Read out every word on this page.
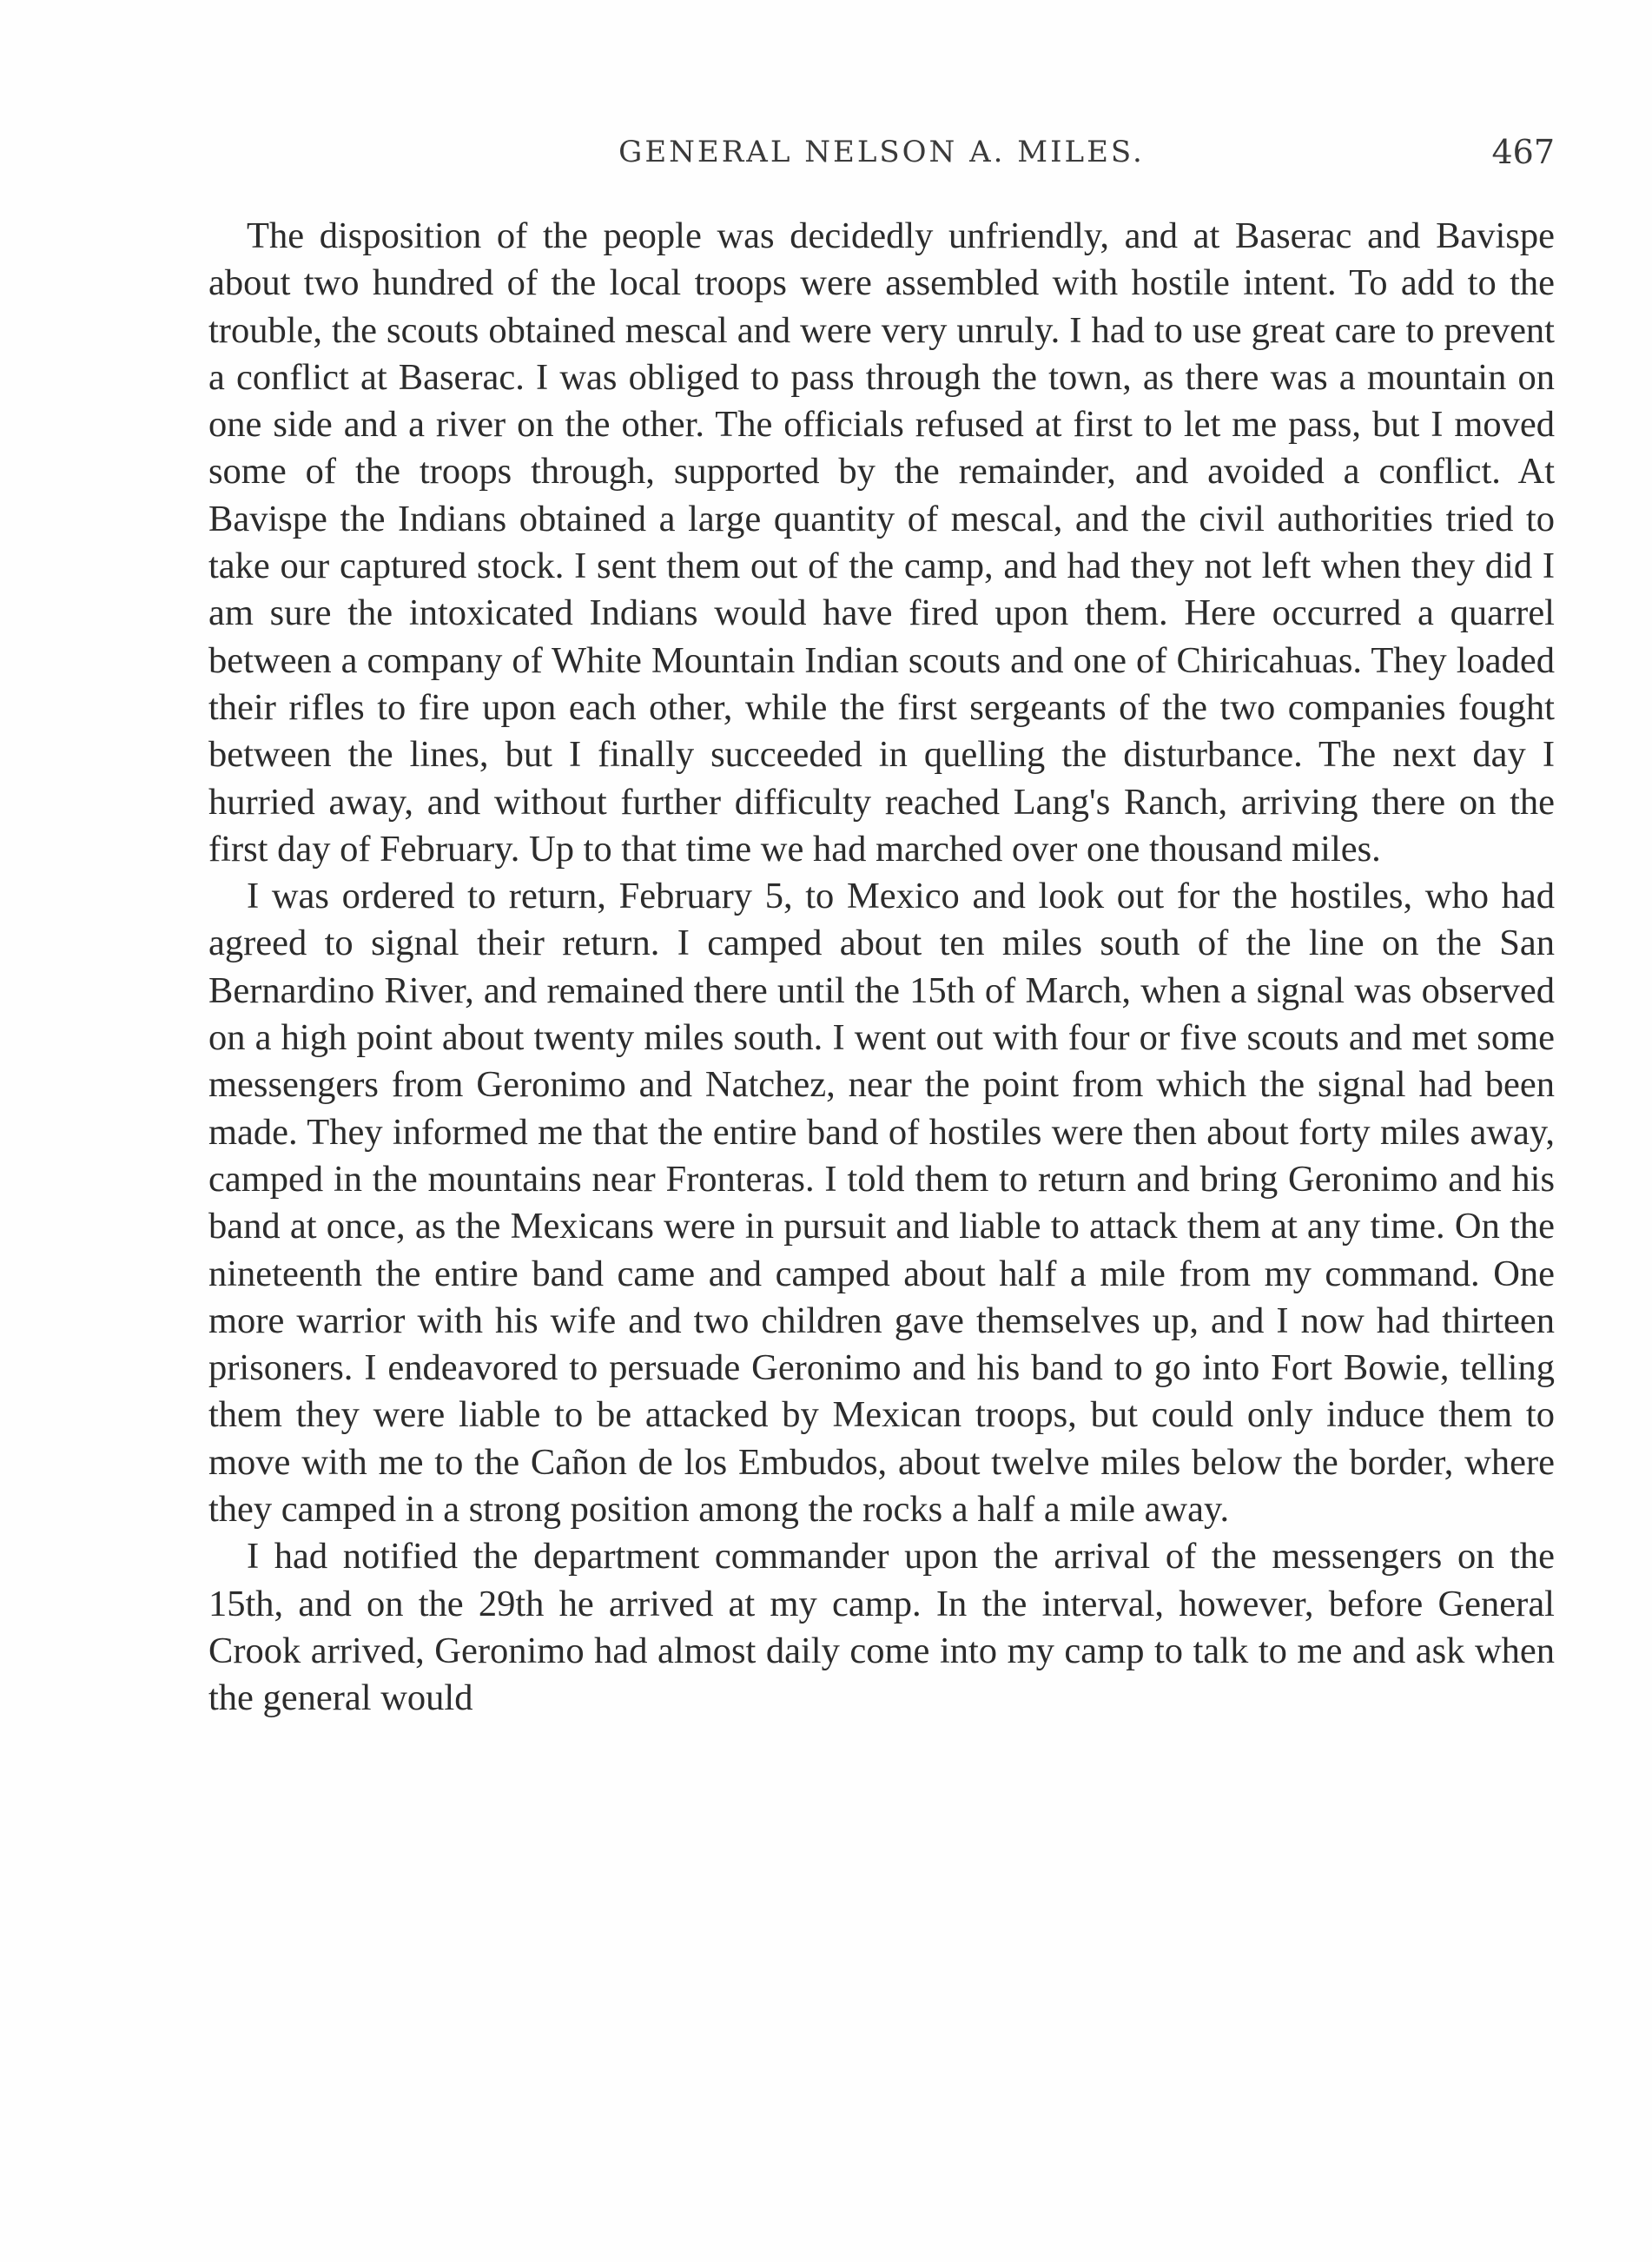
GENERAL NELSON A. MILES.	467

The disposition of the people was decidedly unfriendly, and at Baserac and Bavispe about two hundred of the local troops were assembled with hostile intent. To add to the trouble, the scouts obtained mescal and were very unruly. I had to use great care to prevent a conflict at Baserac. I was obliged to pass through the town, as there was a mountain on one side and a river on the other. The officials refused at first to let me pass, but I moved some of the troops through, supported by the remainder, and avoided a conflict. At Bavispe the Indians obtained a large quantity of mescal, and the civil authorities tried to take our captured stock. I sent them out of the camp, and had they not left when they did I am sure the intoxicated Indians would have fired upon them. Here occurred a quarrel between a company of White Mountain Indian scouts and one of Chiricahuas. They loaded their rifles to fire upon each other, while the first sergeants of the two companies fought between the lines, but I finally succeeded in quelling the disturbance. The next day I hurried away, and without further difficulty reached Lang's Ranch, arriving there on the first day of February. Up to that time we had marched over one thousand miles.

I was ordered to return, February 5, to Mexico and look out for the hostiles, who had agreed to signal their return. I camped about ten miles south of the line on the San Bernardino River, and remained there until the 15th of March, when a signal was observed on a high point about twenty miles south. I went out with four or five scouts and met some messengers from Geronimo and Natchez, near the point from which the signal had been made. They informed me that the entire band of hostiles were then about forty miles away, camped in the mountains near Fronteras. I told them to return and bring Geronimo and his band at once, as the Mexicans were in pursuit and liable to attack them at any time. On the nineteenth the entire band came and camped about half a mile from my command. One more warrior with his wife and two children gave themselves up, and I now had thirteen prisoners. I endeavored to persuade Geronimo and his band to go into Fort Bowie, telling them they were liable to be attacked by Mexican troops, but could only induce them to move with me to the Cañon de los Embudos, about twelve miles below the border, where they camped in a strong position among the rocks a half a mile away.

I had notified the department commander upon the arrival of the messengers on the 15th, and on the 29th he arrived at my camp. In the interval, however, before General Crook arrived, Geronimo had almost daily come into my camp to talk to me and ask when the general would
